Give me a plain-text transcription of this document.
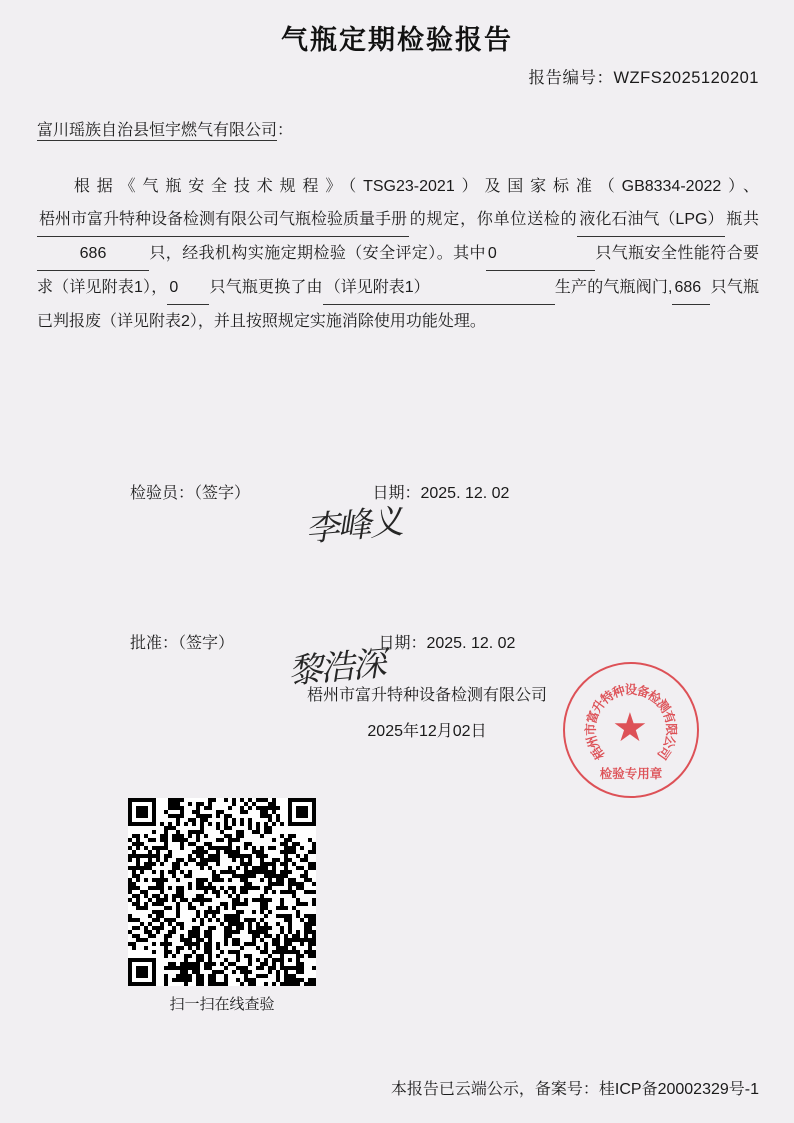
气瓶定期检验报告
报告编号：WZFS2025120201
富川瑶族自治县恒宇燃气有限公司：
根据《气瓶安全技术规程》（TSG23-2021）及国家标准（GB8334-2022）、梧州市富升特种设备检测有限公司气瓶检验质量手册 的规定，你单位送检的 液化石油气（LPG） 瓶共686	只，经我机构实施定期检验（安全评定）。其中 0	只气瓶安全性能符合要求（详见附表1）， 0 只气瓶更换了由 （详见附表1）	生产的气瓶阀门, 686 只气瓶已判报废（详见附表2），并且按照规定实施消除使用功能处理。
检验员：（签字）	日期：2025. 12. 02
李峰义
批准：（签字）	日期：2025. 12. 02
黎浩深
梧州市富升特种设备检测有限公司
2025年12月02日
梧
州
市
富
升
特
种
设
备
检
测
有
限
公
司
★
检验专用章
扫一扫在线查验
本报告已云端公示，备案号：桂ICP备20002329号-1
